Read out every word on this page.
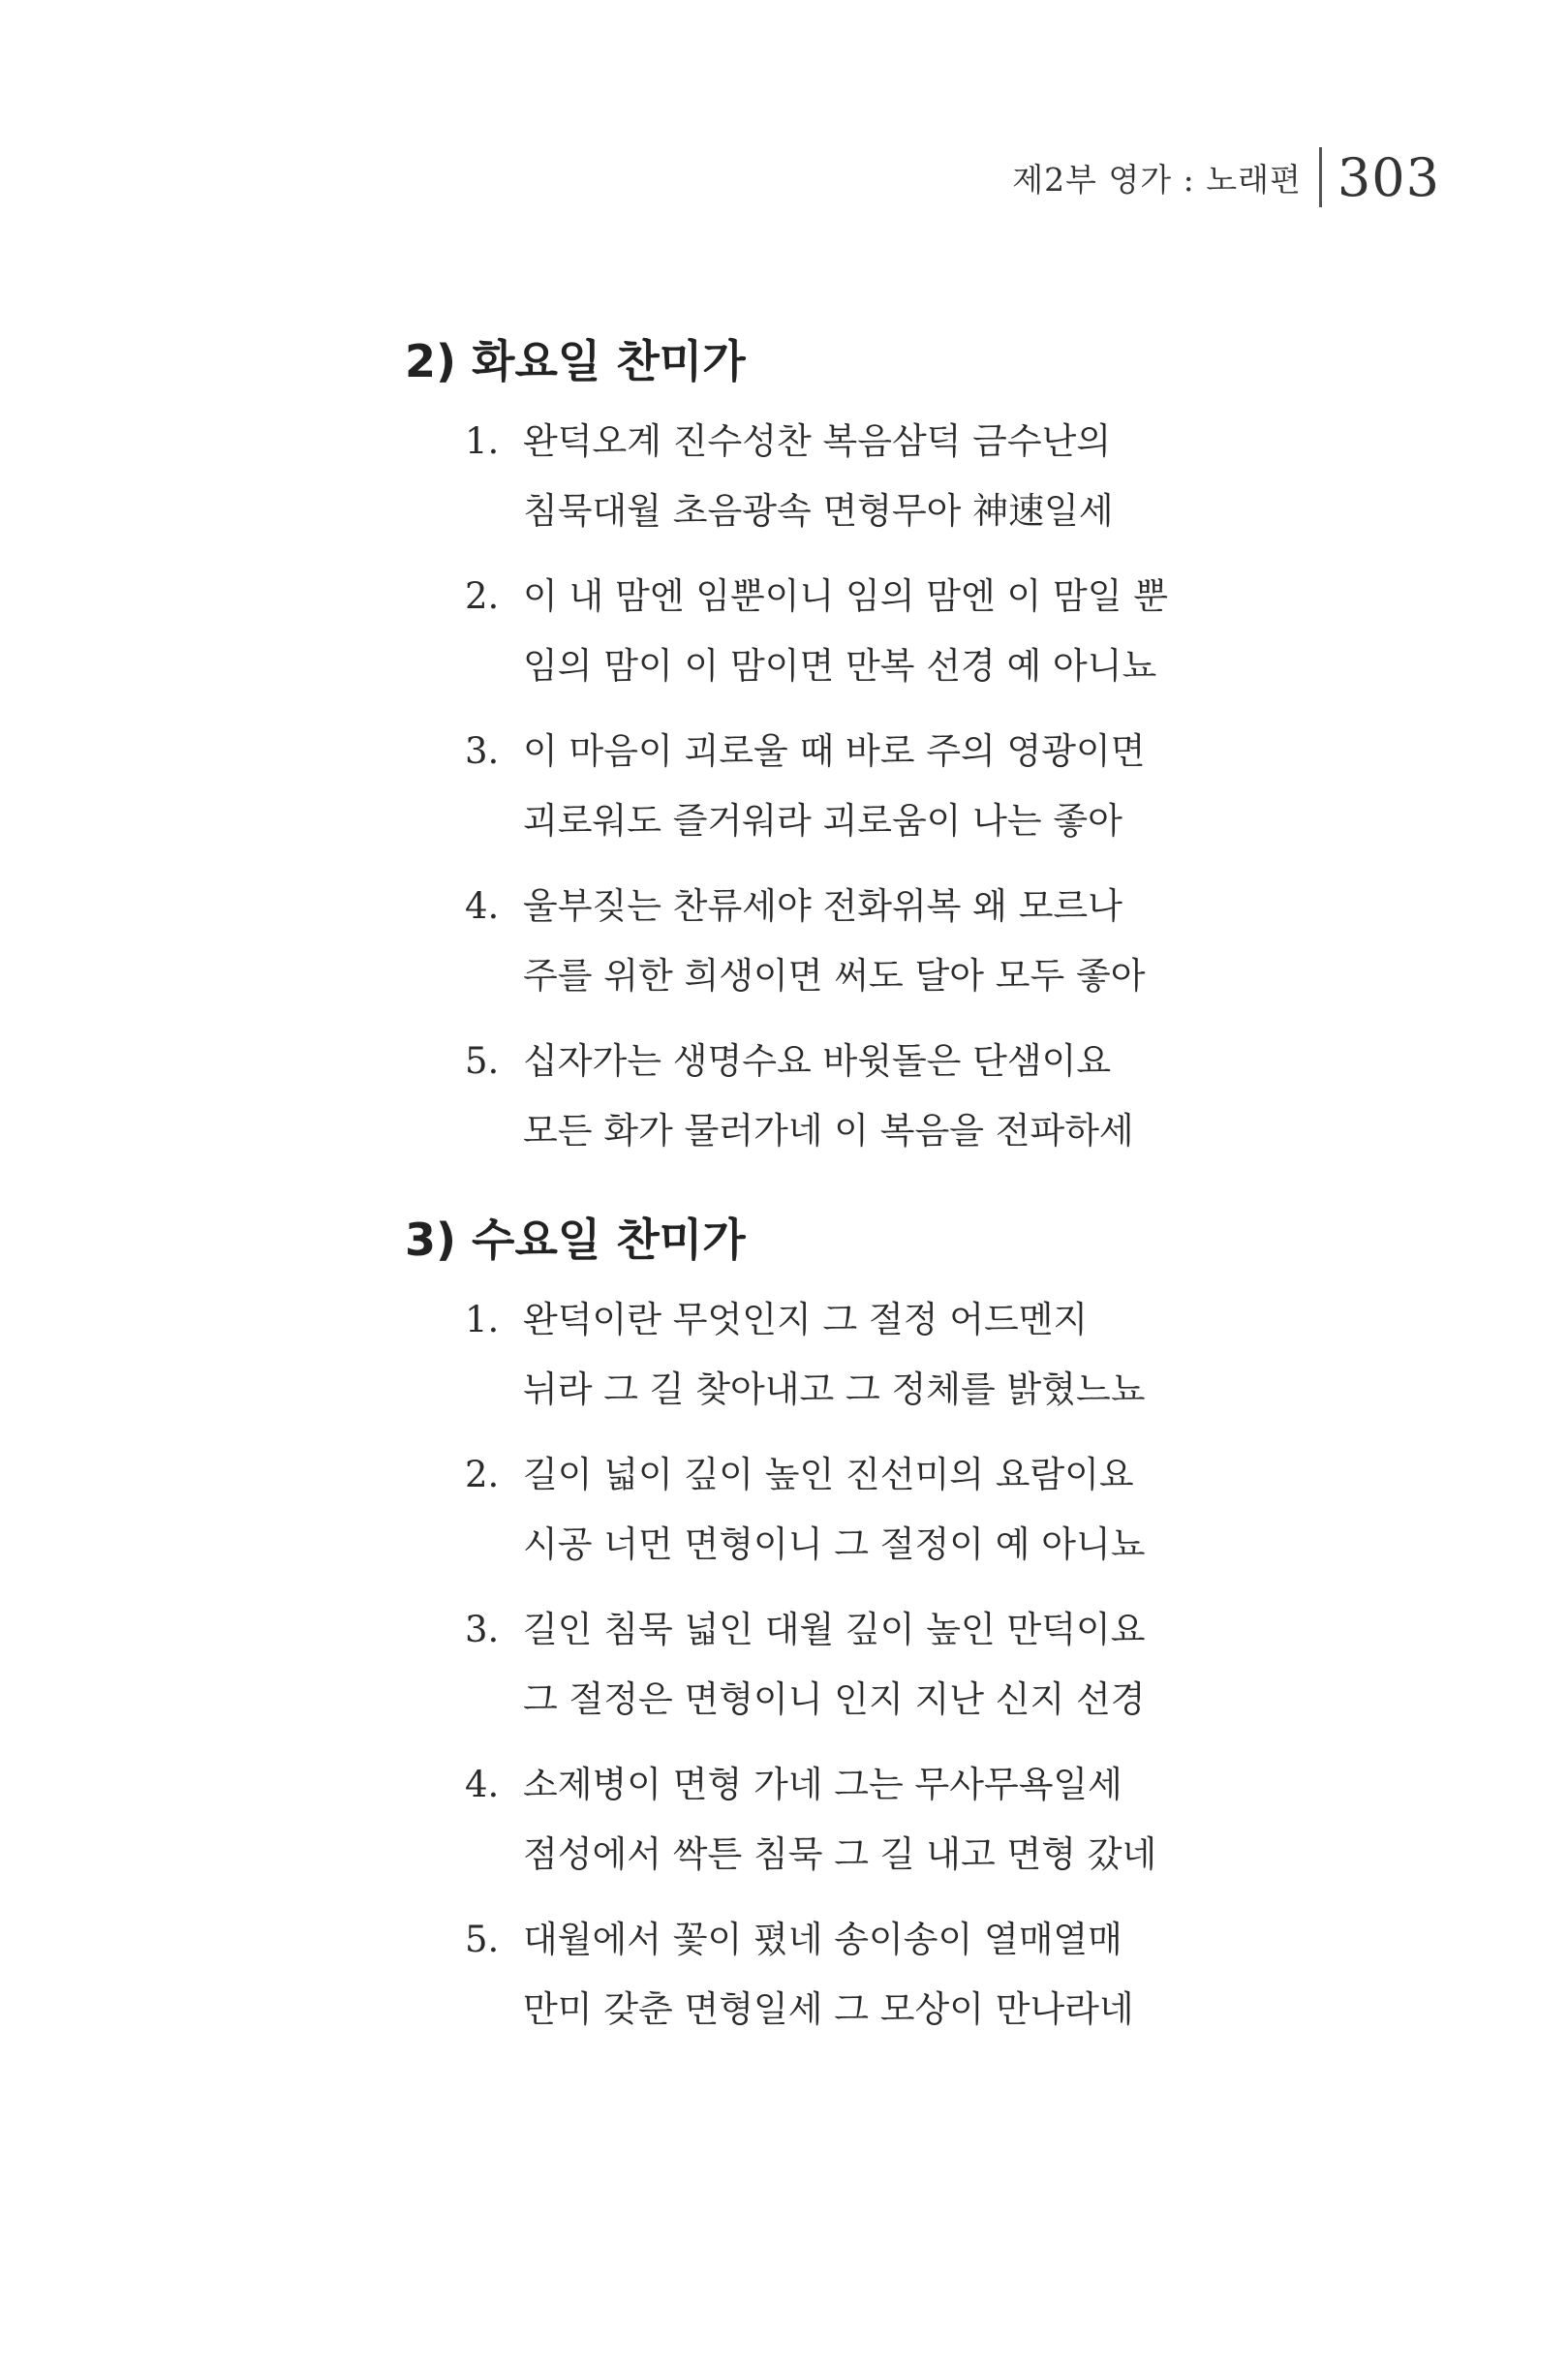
제2부 영가 : 노래편 303
2) 화요일 찬미가
1. 완덕오계 진수성찬 복음삼덕 금수난의
침묵대월 초음광속 면형무아 神速일세
2. 이 내 맘엔 임뿐이니 임의 맘엔 이 맘일 뿐
임의 맘이 이 맘이면 만복 선경 예 아니뇨
3. 이 마음이 괴로울 때 바로 주의 영광이면
괴로워도 즐거워라 괴로움이 나는 좋아
4. 울부짖는 찬류세야 전화위복 왜 모르나
주를 위한 희생이면 써도 달아 모두 좋아
5. 십자가는 생명수요 바윗돌은 단샘이요
모든 화가 물러가네 이 복음을 전파하세
3) 수요일 찬미가
1. 완덕이란 무엇인지 그 절정 어드멘지
뉘라 그 길 찾아내고 그 정체를 밝혔느뇨
2. 길이 넓이 깊이 높인 진선미의 요람이요
시공 너먼 면형이니 그 절정이 예 아니뇨
3. 길인 침묵 넓인 대월 깊이 높인 만덕이요
그 절정은 면형이니 인지 지난 신지 선경
4. 소제병이 면형 가네 그는 무사무욕일세
점성에서 싹튼 침묵 그 길 내고 면형 갔네
5. 대월에서 꽃이 폈네 송이송이 열매열매
만미 갖춘 면형일세 그 모상이 만나라네
